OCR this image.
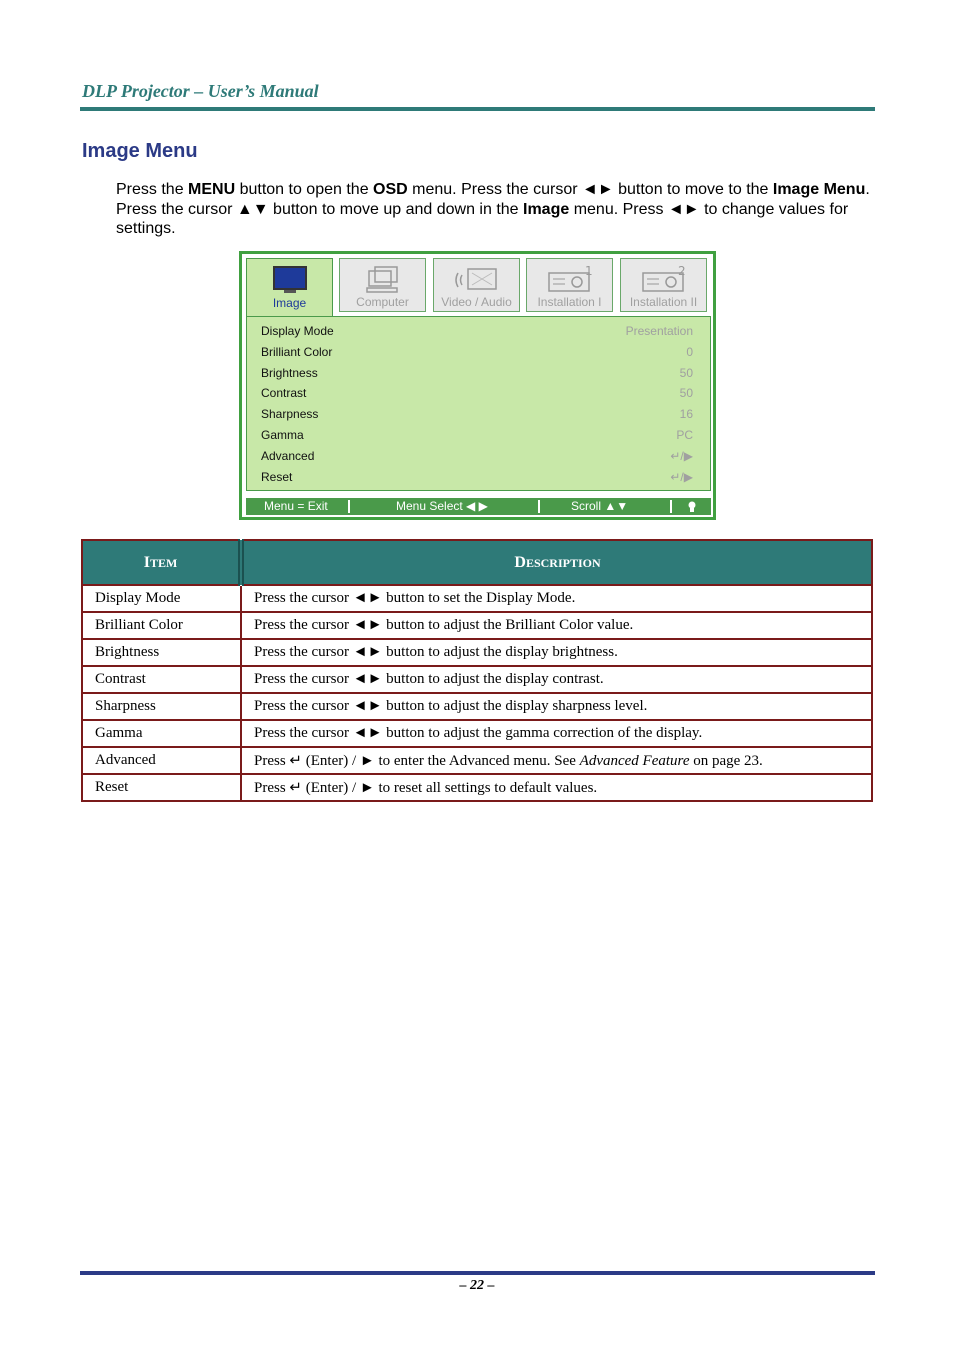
DLP Projector – User’s Manual
Image Menu
Press the MENU button to open the OSD menu. Press the cursor ◄► button to move to the Image Menu. Press the cursor ▲▼ button to move up and down in the Image menu. Press ◄► to change values for settings.
Image	Computer	Video / Audio
1
Installation I
2
Installation II
Display Mode	Presentation
Brilliant Color	0
Brightness	50
Contrast	50
Sharpness	16
Gamma	PC
Advanced	↵/▶
Reset	↵/▶
Menu = Exit	Menu Select ◀ ▶	Scroll ▲▼
ITEM	DESCRIPTION
Display Mode	Press the cursor ◄► button to set the Display Mode.
Brilliant Color	Press the cursor ◄► button to adjust the Brilliant Color value.
Brightness	Press the cursor ◄► button to adjust the display brightness.
Contrast	Press the cursor ◄► button to adjust the display contrast.
Sharpness	Press the cursor ◄► button to adjust the display sharpness level.
Gamma	Press the cursor ◄► button to adjust the gamma correction of the display.
Advanced	Press ↵ (Enter) / ► to enter the Advanced menu. See Advanced Feature on page 23.
Reset	Press ↵ (Enter) / ► to reset all settings to default values.
– 22 –
